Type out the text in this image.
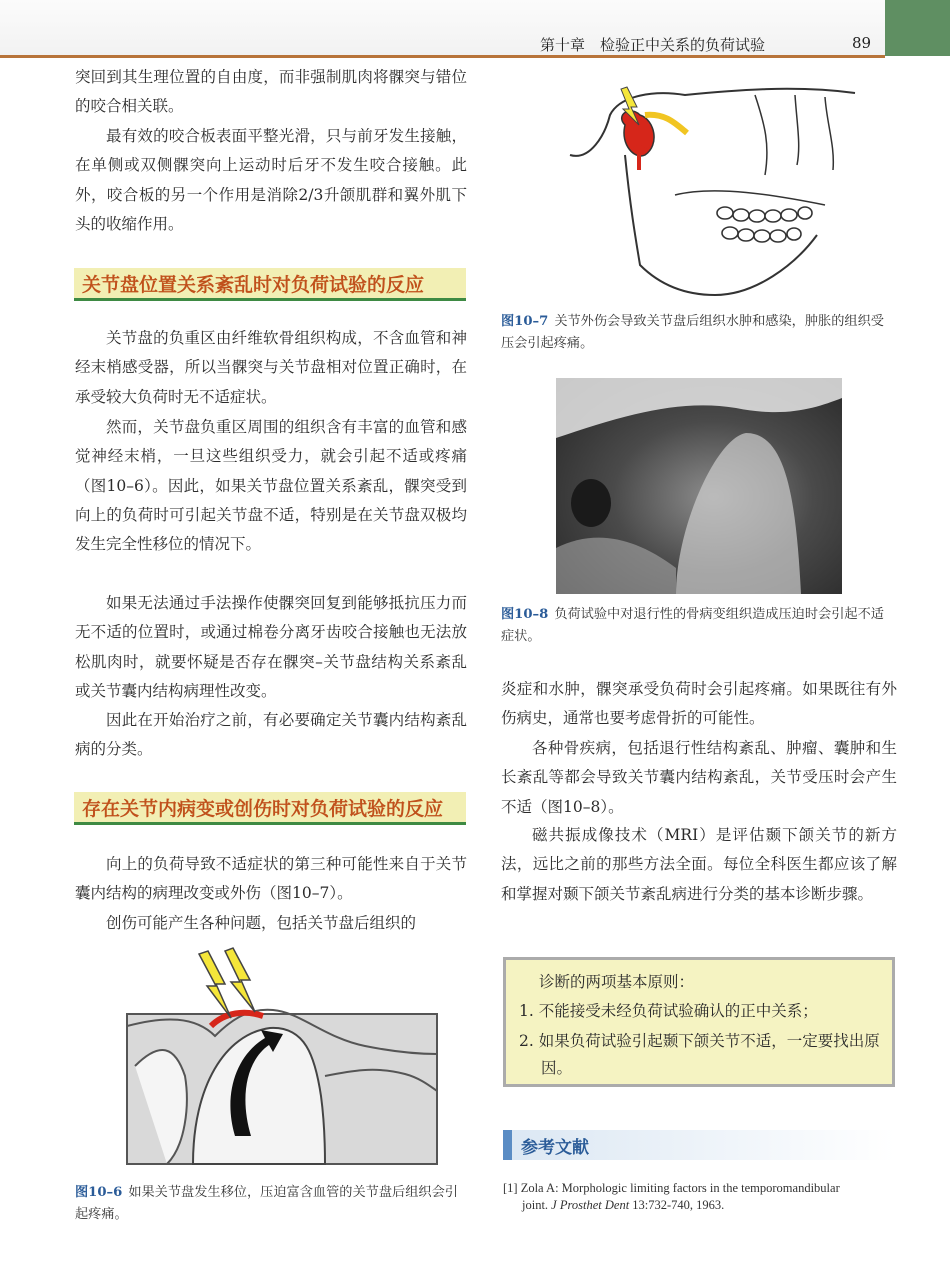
第十章　检验正中关系的负荷试验	89
突回到其生理位置的自由度，而非强制肌肉将髁突与错位的咬合相关联。
最有效的咬合板表面平整光滑，只与前牙发生接触，在单侧或双侧髁突向上运动时后牙不发生咬合接触。此外，咬合板的另一个作用是消除2/3升颌肌群和翼外肌下头的收缩作用。
关节盘位置关系紊乱时对负荷试验的反应
关节盘的负重区由纤维软骨组织构成，不含血管和神经末梢感受器，所以当髁突与关节盘相对位置正确时，在承受较大负荷时无不适症状。
然而，关节盘负重区周围的组织含有丰富的血管和感觉神经末梢，一旦这些组织受力，就会引起不适或疼痛（图10–6）。因此，如果关节盘位置关系紊乱，髁突受到向上的负荷时可引起关节盘不适，特别是在关节盘双极均发生完全性移位的情况下。
如果无法通过手法操作使髁突回复到能够抵抗压力而无不适的位置时，或通过棉卷分离牙齿咬合接触也无法放松肌肉时，就要怀疑是否存在髁突–关节盘结构关系紊乱或关节囊内结构病理性改变。
因此在开始治疗之前，有必要确定关节囊内结构紊乱病的分类。
存在关节内病变或创伤时对负荷试验的反应
向上的负荷导致不适症状的第三种可能性来自于关节囊内结构的病理改变或外伤（图10–7）。
创伤可能产生各种问题，包括关节盘后组织的
图10–6 如果关节盘发生移位，压迫富含血管的关节盘后组织会引起疼痛。
图10–7 关节外伤会导致关节盘后组织水肿和感染，肿胀的组织受压会引起疼痛。
图10–8 负荷试验中对退行性的骨病变组织造成压迫时会引起不适症状。
炎症和水肿，髁突承受负荷时会引起疼痛。如果既往有外伤病史，通常也要考虑骨折的可能性。
各种骨疾病，包括退行性结构紊乱、肿瘤、囊肿和生长紊乱等都会导致关节囊内结构紊乱，关节受压时会产生不适（图10–8）。
磁共振成像技术（MRI）是评估颞下颌关节的新方法，远比之前的那些方法全面。每位全科医生都应该了解和掌握对颞下颌关节紊乱病进行分类的基本诊断步骤。
诊断的两项基本原则：
1. 不能接受未经负荷试验确认的正中关系；
2. 如果负荷试验引起颞下颌关节不适，一定要找出原因。
参考文献
[1] Zola A: Morphologic limiting factors in the temporomandibular
joint. J Prosthet Dent 13:732-740, 1963.
